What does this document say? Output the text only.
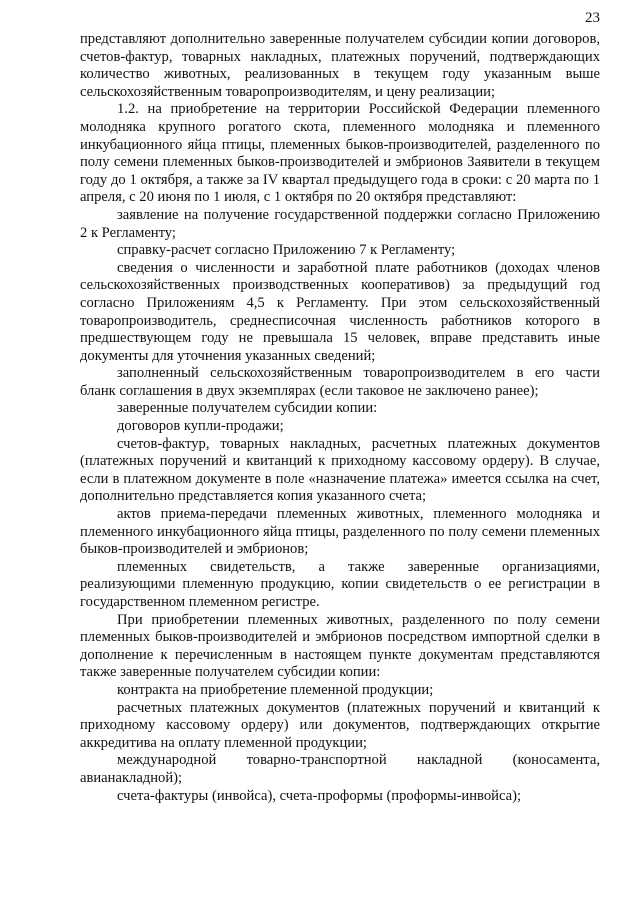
23

представляют дополнительно заверенные получателем субсидии копии договоров, счетов-фактур, товарных накладных, платежных поручений, подтверждающих количество животных, реализованных в текущем году указанным выше сельскохозяйственным товаропроизводителям, и цену реализации;

1.2. на приобретение на территории Российской Федерации племенного молодняка крупного рогатого скота, племенного молодняка и племенного инкубационного яйца птицы, племенных быков-производителей, разделенного по полу семени племенных быков-производителей и эмбрионов Заявители в текущем году до 1 октября, а также за IV квартал предыдущего года в сроки: с 20 марта по 1 апреля, с 20 июня по 1 июля, с 1 октября по 20 октября представляют:

заявление на получение государственной поддержки согласно Приложению 2 к Регламенту;

справку-расчет согласно Приложению 7 к Регламенту;

сведения о численности и заработной плате работников (доходах членов сельскохозяйственных производственных кооперативов) за предыдущий год согласно Приложениям 4,5 к Регламенту. При этом сельскохозяйственный товаропроизводитель, среднесписочная численность работников которого в предшествующем году не превышала 15 человек, вправе представить иные документы для уточнения указанных сведений;

заполненный сельскохозяйственным товаропроизводителем в его части бланк соглашения в двух экземплярах (если таковое не заключено ранее);

заверенные получателем субсидии копии:

договоров купли-продажи;

счетов-фактур, товарных накладных, расчетных платежных документов (платежных поручений и квитанций к приходному кассовому ордеру). В случае, если в платежном документе в поле «назначение платежа» имеется ссылка на счет, дополнительно представляется копия указанного счета;

актов приема-передачи племенных животных, племенного молодняка и племенного инкубационного яйца птицы, разделенного по полу семени племенных быков-производителей и эмбрионов;

племенных свидетельств, а также заверенные организациями, реализующими племенную продукцию, копии свидетельств о ее регистрации в государственном племенном регистре.

При приобретении племенных животных, разделенного по полу семени племенных быков-производителей и эмбрионов посредством импортной сделки в дополнение к перечисленным в настоящем пункте документам представляются также заверенные получателем субсидии копии:

контракта на приобретение племенной продукции;

расчетных платежных документов (платежных поручений и квитанций к приходному кассовому ордеру) или документов, подтверждающих открытие аккредитива на оплату племенной продукции;

международной товарно-транспортной накладной (коносамента, авианакладной);

счета-фактуры (инвойса), счета-проформы (проформы-инвойса);
